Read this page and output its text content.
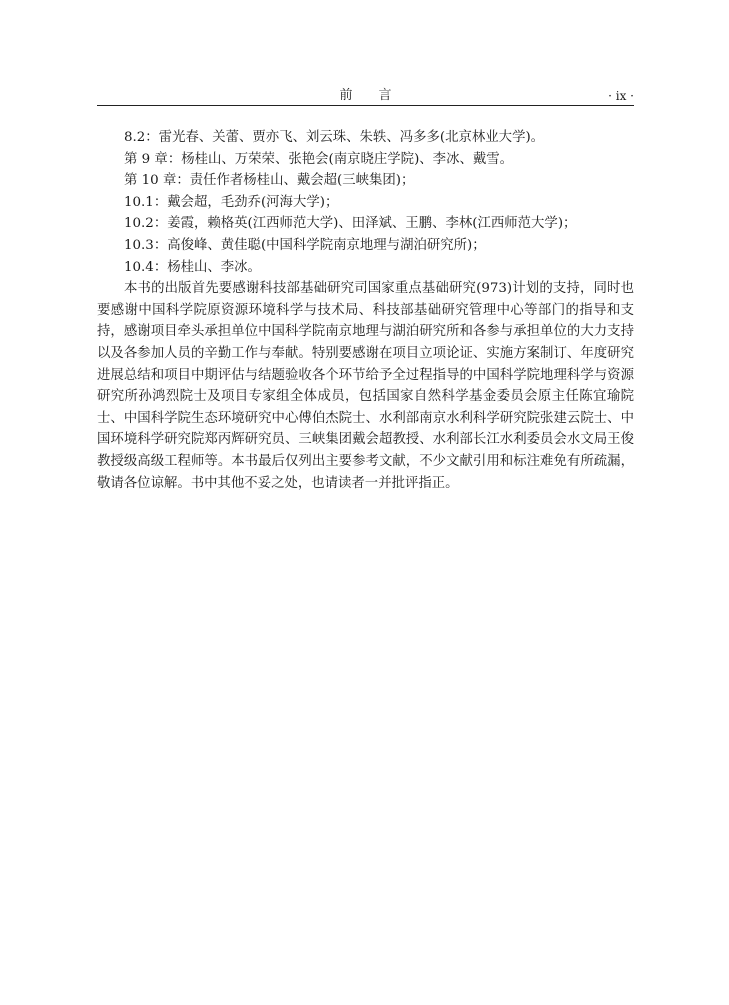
前言	· ix ·
8.2：雷光春、关蕾、贾亦飞、刘云珠、朱轶、冯多多(北京林业大学)。
第 9 章：杨桂山、万荣荣、张艳会(南京晓庄学院)、李冰、戴雪。
第 10 章：责任作者杨桂山、戴会超(三峡集团)；
10.1：戴会超，毛劲乔(河海大学)；
10.2：姜霞，赖格英(江西师范大学)、田泽斌、王鹏、李林(江西师范大学)；
10.3：高俊峰、黄佳聪(中国科学院南京地理与湖泊研究所)；
10.4：杨桂山、李冰。

本书的出版首先要感谢科技部基础研究司国家重点基础研究(973)计划的支持，同时也要感谢中国科学院原资源环境科学与技术局、科技部基础研究管理中心等部门的指导和支持，感谢项目牵头承担单位中国科学院南京地理与湖泊研究所和各参与承担单位的大力支持以及各参加人员的辛勤工作与奉献。特别要感谢在项目立项论证、实施方案制订、年度研究进展总结和项目中期评估与结题验收各个环节给予全过程指导的中国科学院地理科学与资源研究所孙鸿烈院士及项目专家组全体成员，包括国家自然科学基金委员会原主任陈宜瑜院士、中国科学院生态环境研究中心傅伯杰院士、水利部南京水利科学研究院张建云院士、中国环境科学研究院郑丙辉研究员、三峡集团戴会超教授、水利部长江水利委员会水文局王俊教授级高级工程师等。本书最后仅列出主要参考文献，不少文献引用和标注难免有所疏漏，敬请各位谅解。书中其他不妥之处，也请读者一并批评指正。
